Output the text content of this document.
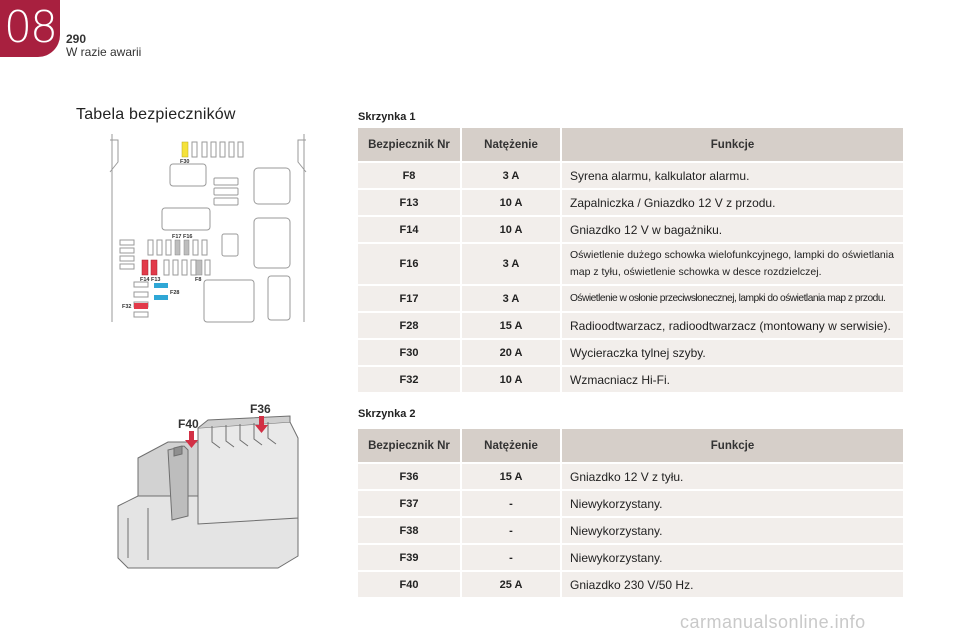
08 290
W razie awarii
Tabela bezpieczników
F30
F17 F16
F14 F13	F8
F28
F32
F40
F36
Skrzynka 1
Bezpiecznik Nr	Natężenie	Funkcje
F8	3 A	Syrena alarmu, kalkulator alarmu.
F13	10 A	Zapalniczka / Gniazdko 12 V z przodu.
F14	10 A	Gniazdko 12 V w bagażniku.
F16	3 A	Oświetlenie dużego schowka wielofunkcyjnego, lampki do oświetlania map z tyłu, oświetlenie schowka w desce rozdzielczej.
F17	3 A	Oświetlenie w osłonie przeciwsłonecznej, lampki do oświetlania map z przodu.
F28	15 A	Radioodtwarzacz, radioodtwarzacz (montowany w serwisie).
F30	20 A	Wycieraczka tylnej szyby.
F32	10 A	Wzmacniacz Hi-Fi.
Skrzynka 2
Bezpiecznik Nr	Natężenie	Funkcje
F36	15 A	Gniazdko 12 V z tyłu.
F37	-	Niewykorzystany.
F38	-	Niewykorzystany.
F39	-	Niewykorzystany.
F40	25 A	Gniazdko 230 V/50 Hz.
carmanualsonline.info
